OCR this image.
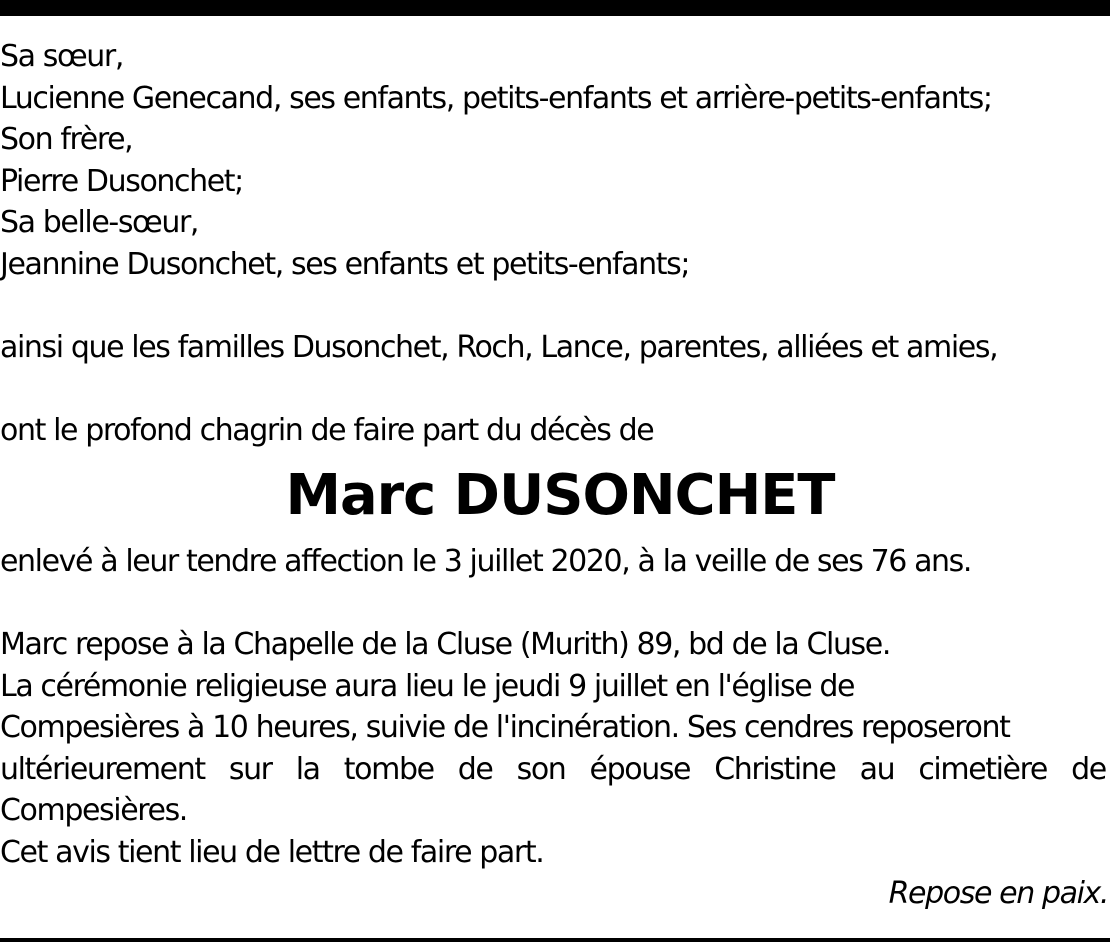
Sa sœur,
Lucienne Genecand, ses enfants, petits-enfants et arrière-petits-enfants;
Son frère,
Pierre Dusonchet;
Sa belle-sœur,
Jeannine Dusonchet, ses enfants et petits-enfants;
ainsi que les familles Dusonchet, Roch, Lance, parentes, alliées et amies,
ont le profond chagrin de faire part du décès de
Marc DUSONCHET
enlevé à leur tendre affection le 3 juillet 2020, à la veille de ses 76 ans.
Marc repose à la Chapelle de la Cluse (Murith) 89, bd de la Cluse.
La cérémonie religieuse aura lieu le jeudi 9 juillet en l'église de
Compesières à 10 heures, suivie de l'incinération. Ses cendres reposeront
ultérieurement sur la tombe de son épouse Christine au cimetière de
Compesières.
Cet avis tient lieu de lettre de faire part.
Repose en paix.
